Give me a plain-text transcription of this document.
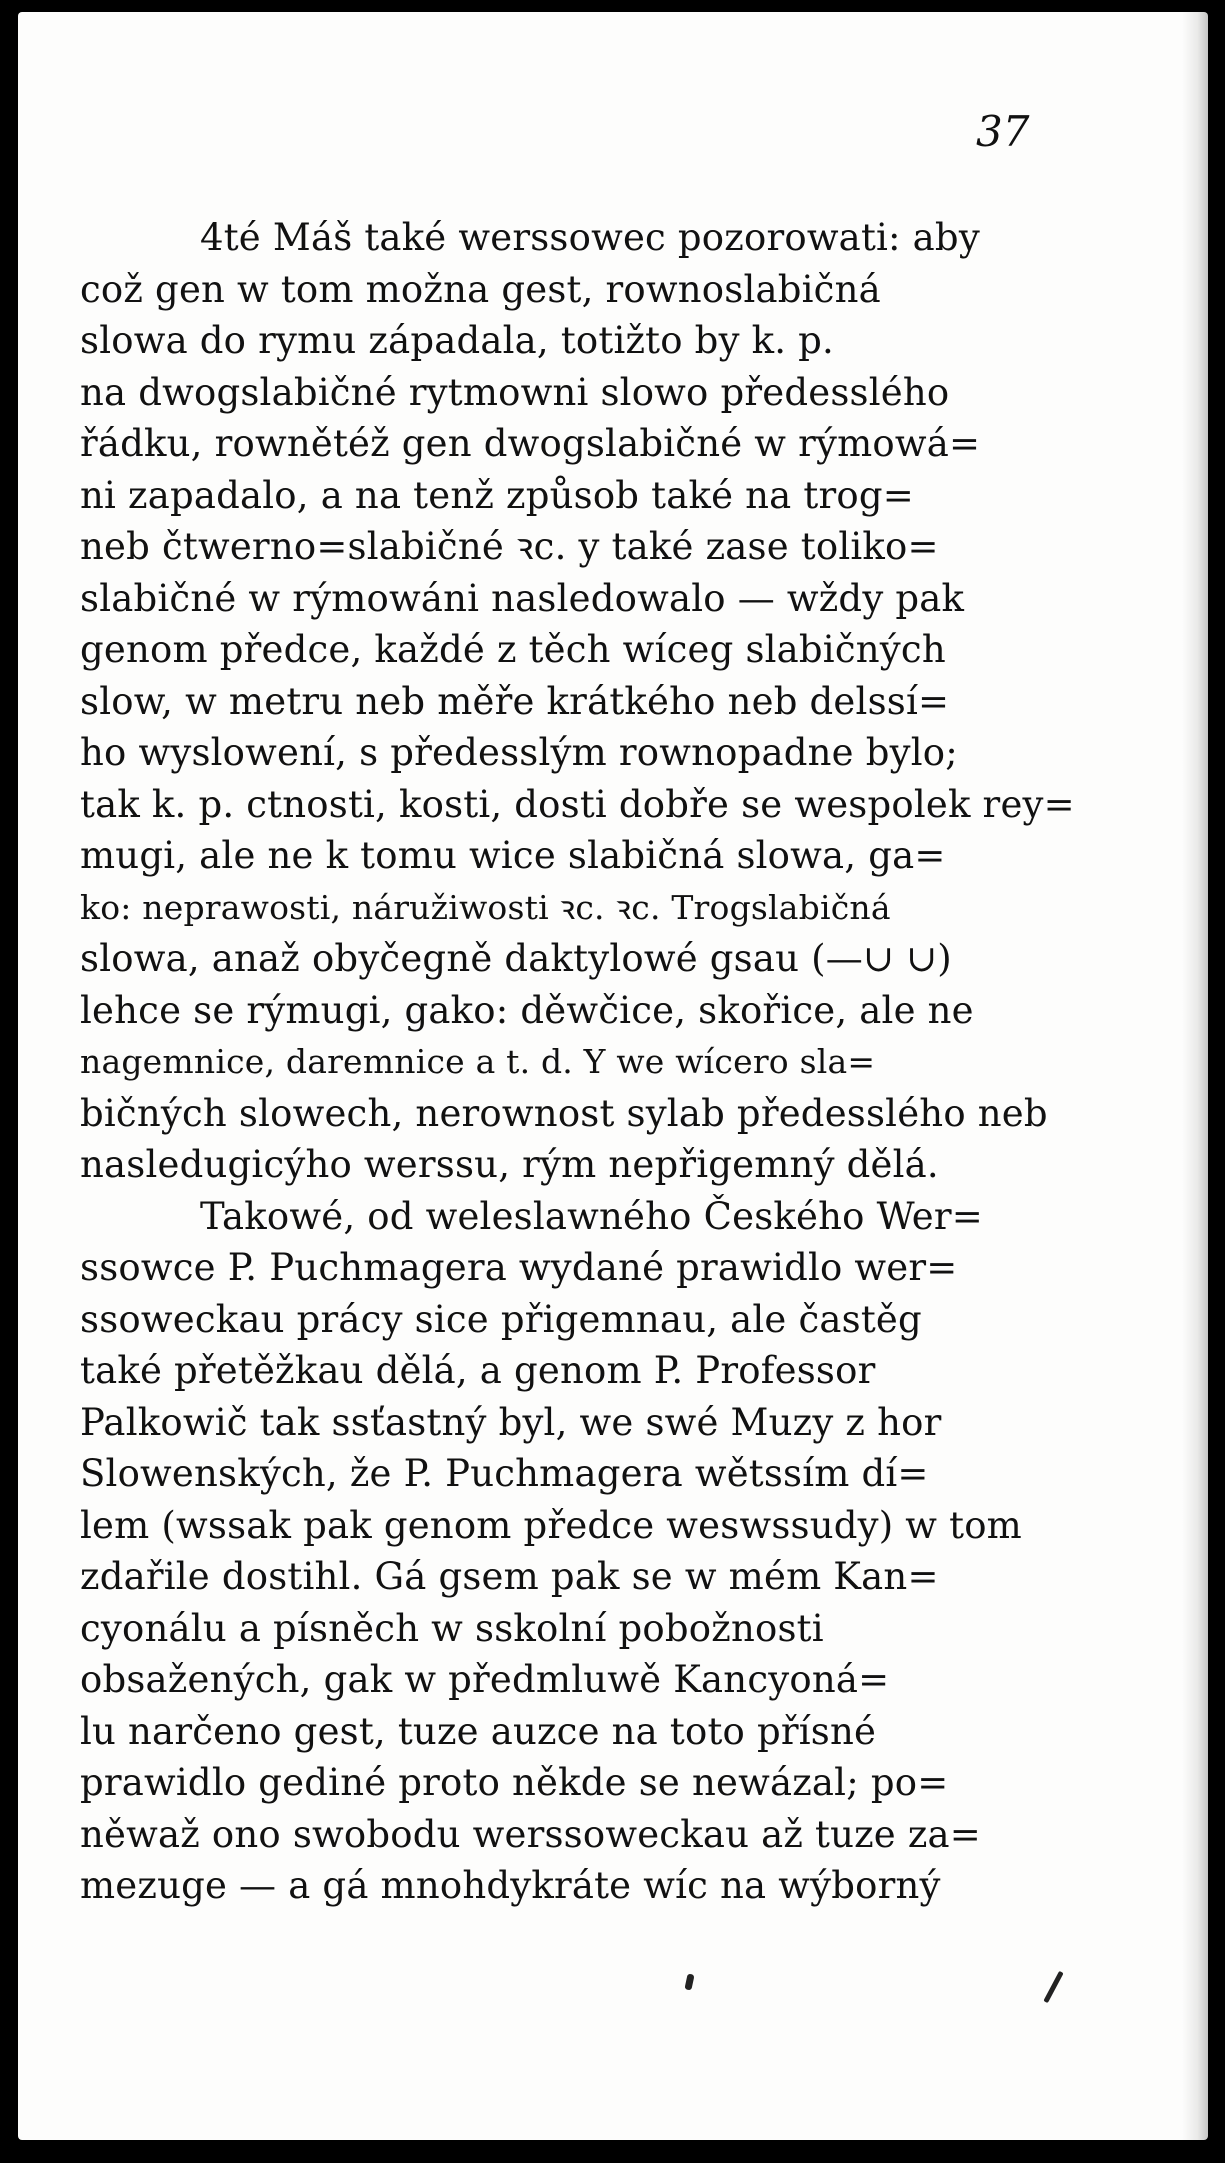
37
4té Máš také werssowec pozorowati: aby
což gen w tom možna gest, rownoslabičná
slowa do rymu západala, totižto by k. p.
na dwogslabičné rytmowni slowo předesslého
řádku, rownětéž gen dwogslabičné w rýmowá=
ni zapadalo, a na tenž způsob také na trog=
neb čtwerno=slabičné ꝛc. y také zase toliko=
slabičné w rýmowáni nasledowalo — wždy pak
genom předce, každé z těch wíceg slabičných
slow, w metru neb měře krátkého neb delssí=
ho wyslowení, s předesslým rownopadne bylo;
tak k. p. ctnosti, kosti, dosti dobře se wespolek rey=
mugi, ale ne k tomu wice slabičná slowa, ga=
ko: neprawosti, náružiwosti ꝛc. ꝛc. Trogslabičná
slowa, anaž obyčegně daktylowé gsau (—∪ ∪)
lehce se rýmugi, gako: děwčice, skořice, ale ne
nagemnice, daremnice a t. d. Y we wícero sla=
bičných slowech, nerownost sylab předesslého neb
nasledugicýho werssu, rým nepřigemný dělá.
Takowé, od weleslawného Českého Wer=
ssowce P. Puchmagera wydané prawidlo wer=
ssoweckau prácy sice přigemnau, ale častěg
také přetěžkau dělá, a genom P. Professor
Palkowič tak ssťastný byl, we swé Muzy z hor
Slowenských, že P. Puchmagera wětssím dí=
lem (wssak pak genom předce weswssudy) w tom
zdařile dostihl. Gá gsem pak se w mém Kan=
cyonálu a písněch w sskolní pobožnosti
obsažených, gak w předmluwě Kancyoná=
lu narčeno gest, tuze auzce na toto přísné
prawidlo gediné proto někde se newázal; po=
něwaž ono swobodu werssoweckau až tuze za=
mezuge — a gá mnohdykráte wíc na wýborný
